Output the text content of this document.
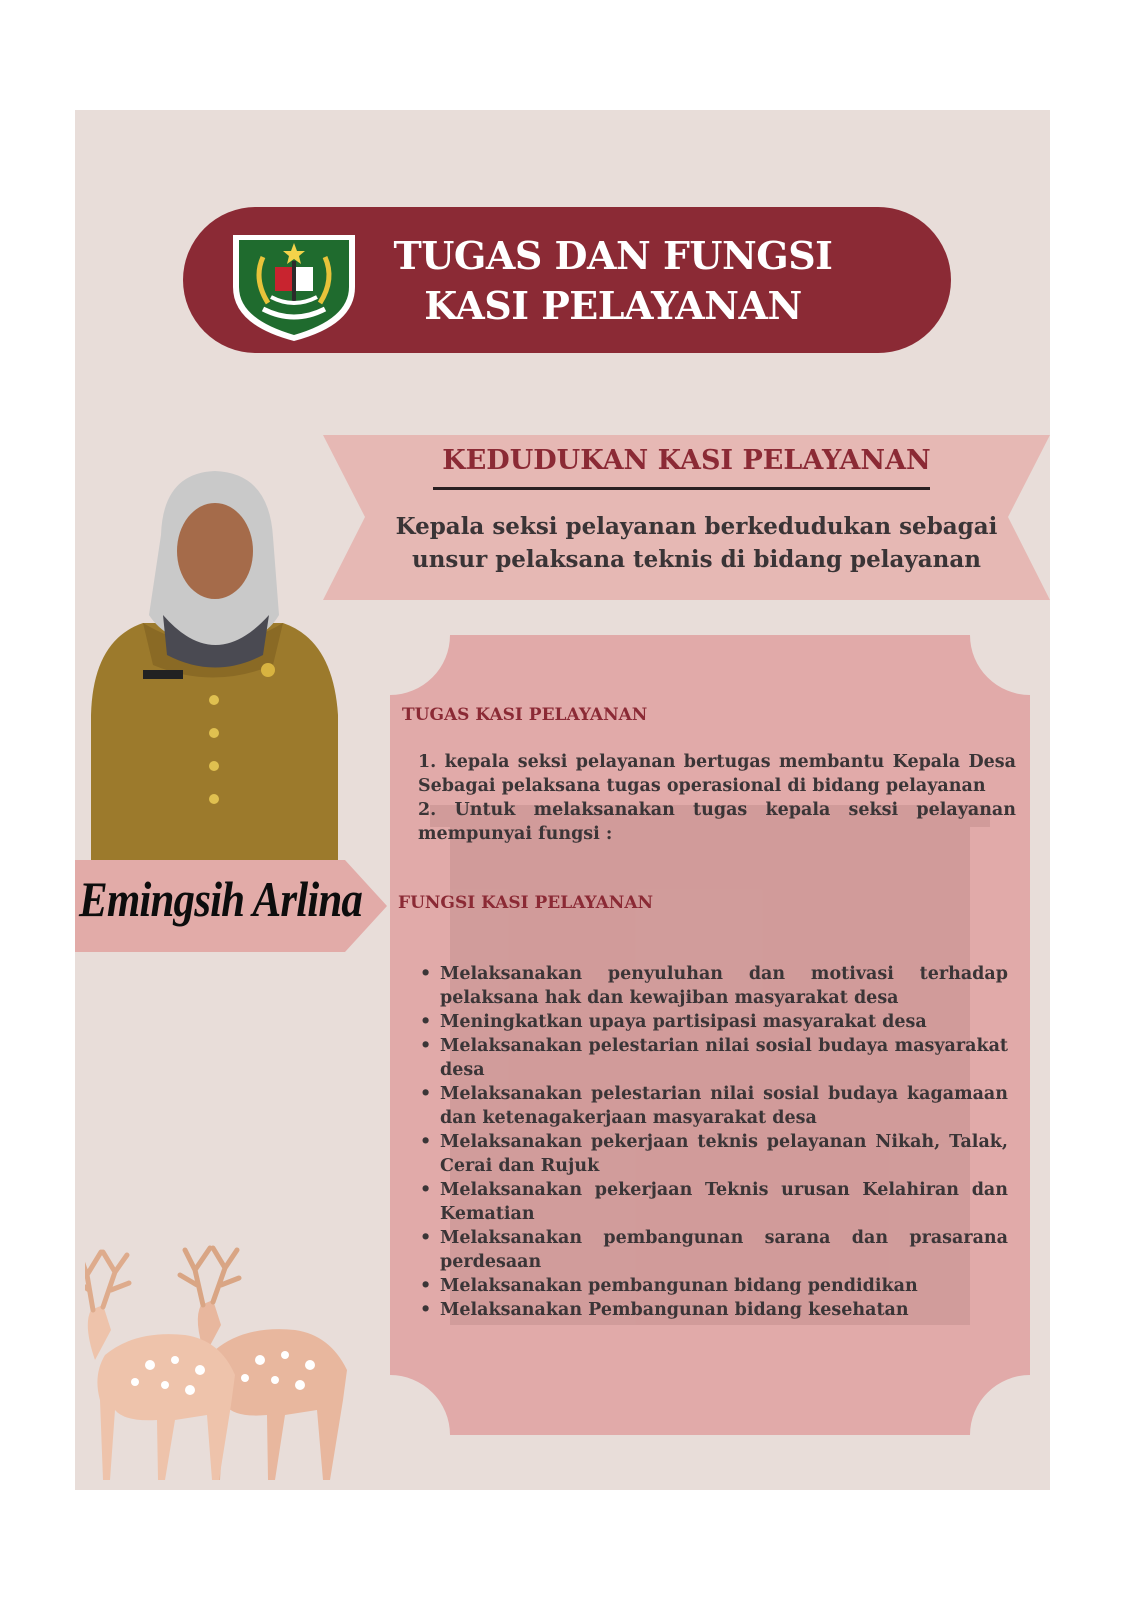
TUGAS DAN FUNGSI
KASI PELAYANAN
KEDUDUKAN KASI PELAYANAN
Kepala seksi pelayanan berkedudukan sebagai unsur pelaksana teknis di bidang pelayanan
TUGAS KASI PELAYANAN

1. kepala seksi pelayanan bertugas membantu Kepala Desa Sebagai pelaksana tugas operasional di bidang pelayanan

2. Untuk melaksanakan tugas kepala seksi pelayanan mempunyai fungsi :

FUNGSI KASI PELAYANAN
• Melaksanakan penyuluhan dan motivasi terhadap pelaksana hak dan kewajiban masyarakat desa
• Meningkatkan upaya partisipasi masyarakat desa
• Melaksanakan pelestarian nilai sosial budaya masyarakat desa
• Melaksanakan pelestarian nilai sosial budaya kagamaan dan ketenagakerjaan masyarakat desa
• Melaksanakan pekerjaan teknis pelayanan Nikah, Talak, Cerai dan Rujuk
• Melaksanakan pekerjaan Teknis urusan Kelahiran dan Kematian
• Melaksanakan pembangunan sarana dan prasarana perdesaan
• Melaksanakan pembangunan bidang pendidikan
• Melaksanakan Pembangunan bidang kesehatan
Emingsih Arlina
